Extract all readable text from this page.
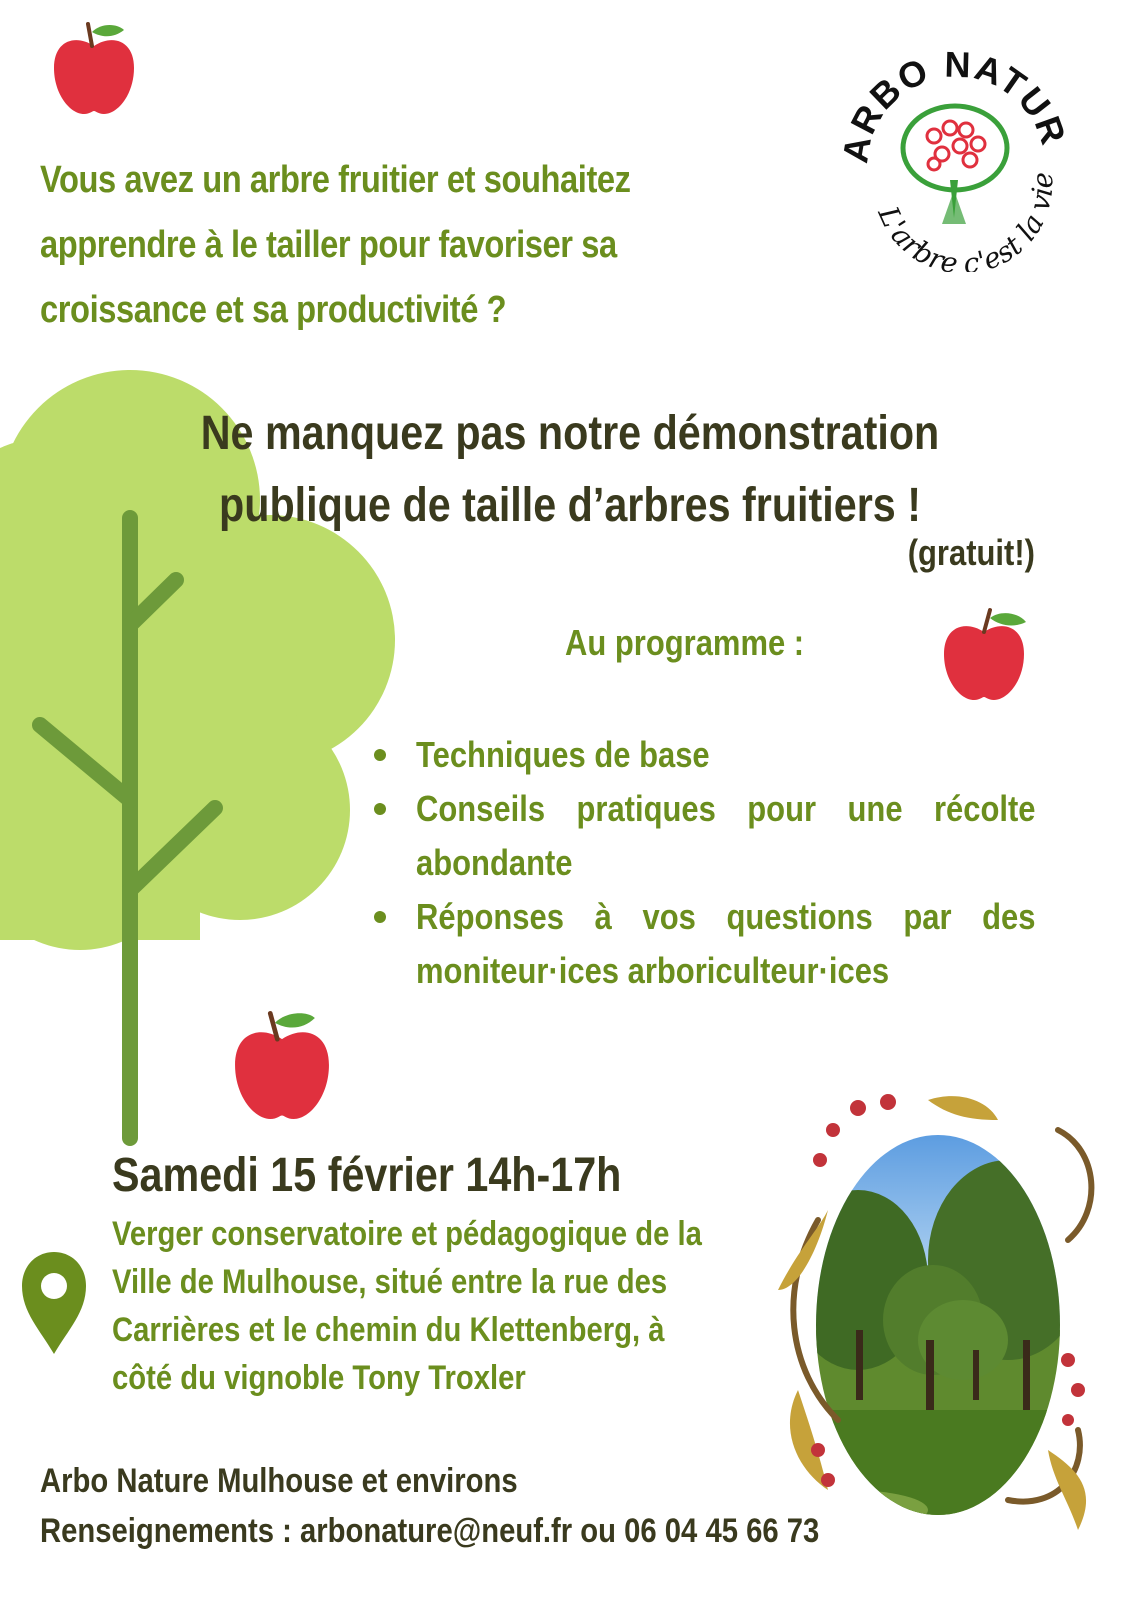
ARBO NATUR
L'arbre c'est la vie
Vous avez un arbre fruitier et souhaitez
apprendre à le tailler pour favoriser sa
croissance et sa productivité ?
Ne manquez pas notre démonstration
publique de taille d’arbres fruitiers !
(gratuit!)
Au programme :
Techniques de base
Conseils pratiques pour une récolte abondante
Réponses à vos questions par des moniteur·ices arboriculteur·ices
Samedi 15 février 14h-17h
Verger conservatoire et pédagogique de la
Ville de Mulhouse, situé entre la rue des
Carrières et le chemin du Klettenberg, à
côté du vignoble Tony Troxler
Arbo Nature Mulhouse et environs
Renseignements : arbonature@neuf.fr ou 06 04 45 66 73
